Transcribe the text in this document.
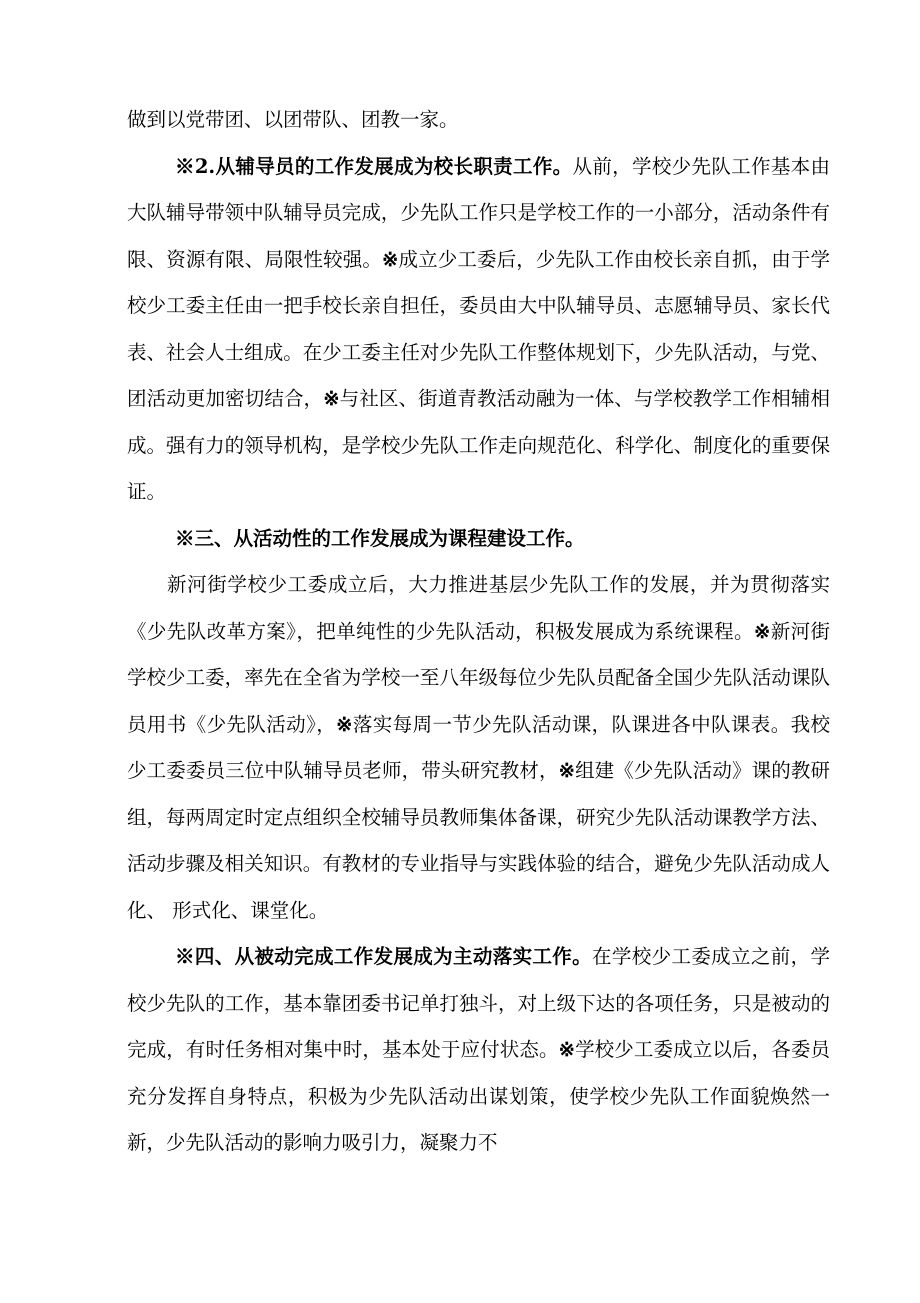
做到以党带团、以团带队、团教一家。

※2.从辅导员的工作发展成为校长职责工作。从前，学校少先队工作基本由大队辅导带领中队辅导员完成，少先队工作只是学校工作的一小部分，活动条件有限、资源有限、局限性较强。※成立少工委后，少先队工作由校长亲自抓，由于学校少工委主任由一把手校长亲自担任，委员由大中队辅导员、志愿辅导员、家长代表、社会人士组成。在少工委主任对少先队工作整体规划下，少先队活动，与党、团活动更加密切结合，※与社区、街道青教活动融为一体、与学校教学工作相辅相成。强有力的领导机构，是学校少先队工作走向规范化、科学化、制度化的重要保证。

※三、从活动性的工作发展成为课程建设工作。

新河街学校少工委成立后，大力推进基层少先队工作的发展，并为贯彻落实《少先队改革方案》，把单纯性的少先队活动，积极发展成为系统课程。※新河街学校少工委，率先在全省为学校一至八年级每位少先队员配备全国少先队活动课队员用书《少先队活动》，※落实每周一节少先队活动课，队课进各中队课表。我校少工委委员三位中队辅导员老师，带头研究教材，※组建《少先队活动》课的教研组，每两周定时定点组织全校辅导员教师集体备课，研究少先队活动课教学方法、活动步骤及相关知识。有教材的专业指导与实践体验的结合，避免少先队活动成人化、 形式化、课堂化。

※四、从被动完成工作发展成为主动落实工作。在学校少工委成立之前，学校少先队的工作，基本靠团委书记单打独斗，对上级下达的各项任务，只是被动的完成，有时任务相对集中时，基本处于应付状态。※学校少工委成立以后，各委员充分发挥自身特点，积极为少先队活动出谋划策，使学校少先队工作面貌焕然一新，少先队活动的影响力吸引力，凝聚力不
